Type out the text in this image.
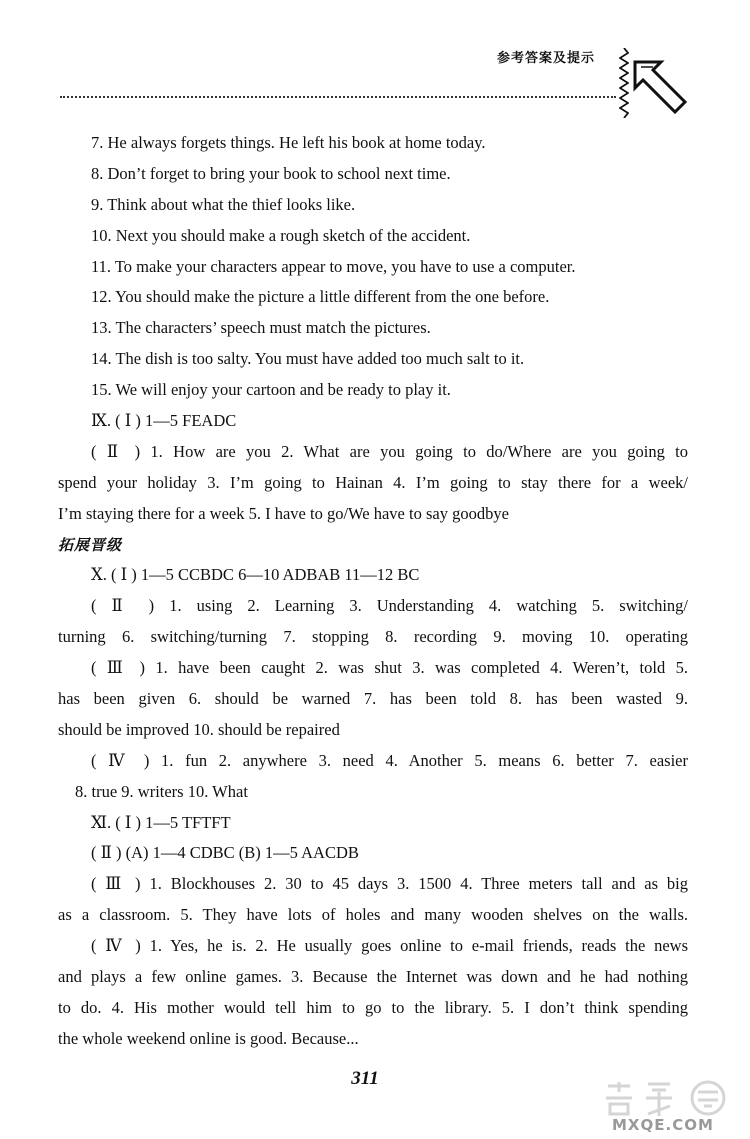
参考答案及提示
7. He always forgets things. He left his book at home today.
8. Don’t forget to bring your book to school next time.
9. Think about what the thief looks like.
10. Next you should make a rough sketch of the accident.
11. To make your characters appear to move, you have to use a computer.
12. You should make the picture a little different from the one before.
13. The characters’ speech must match the pictures.
14. The dish is too salty. You must have added too much salt to it.
15. We will enjoy your cartoon and be ready to play it.
Ⅸ. ( Ⅰ ) 1—5 FEADC
( Ⅱ ) 1. How are you 2. What are you going to do/Where are you going to
spend your holiday 3. I’m going to Hainan 4. I’m going to stay there for a week/
I’m staying there for a week 5. I have to go/We have to say goodbye
拓展晋级
Ⅹ. ( Ⅰ ) 1—5 CCBDC 6—10 ADBAB 11—12 BC
( Ⅱ ) 1. using 2. Learning 3. Understanding 4. watching 5. switching/
turning 6. switching/turning 7. stopping 8. recording 9. moving 10. operating
( Ⅲ ) 1. have been caught 2. was shut 3. was completed 4. Weren’t, told 5.
has been given 6. should be warned 7. has been told 8. has been wasted 9.
should be improved 10. should be repaired
( Ⅳ ) 1. fun 2. anywhere 3. need 4. Another 5. means 6. better 7. easier
8. true 9. writers 10. What
Ⅺ. ( Ⅰ ) 1—5 TFTFT
( Ⅱ ) (A) 1—4 CDBC (B) 1—5 AACDB
( Ⅲ ) 1. Blockhouses 2. 30 to 45 days 3. 1500 4. Three meters tall and as big
as a classroom. 5. They have lots of holes and many wooden shelves on the walls.
( Ⅳ ) 1. Yes, he is. 2. He usually goes online to e-mail friends, reads the news
and plays a few online games. 3. Because the Internet was down and he had nothing
to do. 4. His mother would tell him to go to the library. 5. I don’t think spending
the whole weekend online is good. Because...
311
MXQE.COM
